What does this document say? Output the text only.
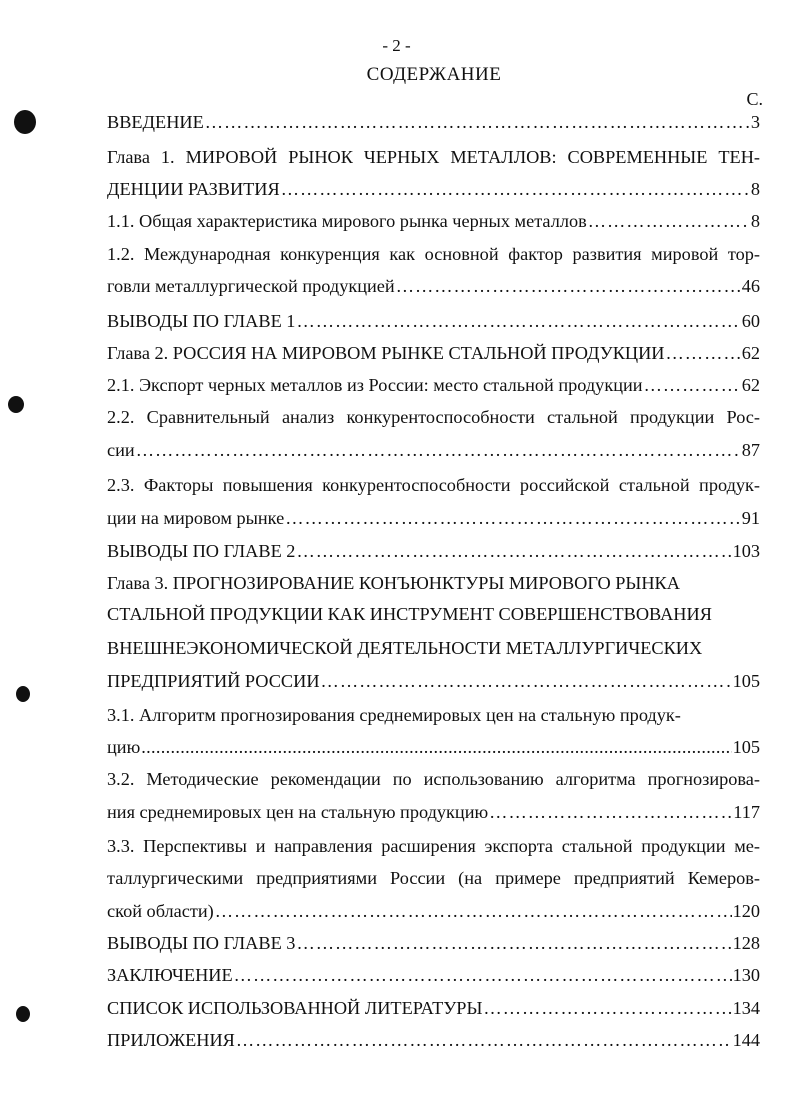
- 2 -
СОДЕРЖАНИЕ
С.
ВВЕДЕНИЕ …………………………………………………………………………………………………………………………………………………………	3
Глава 1. МИРОВОЙ РЫНОК ЧЕРНЫХ МЕТАЛЛОВ: СОВРЕМЕННЫЕ ТЕН-
ДЕНЦИИ РАЗВИТИЯ …………………………………………………………………………………………………………………………………………………………	8
1.1. Общая характеристика мирового рынка черных металлов …………………………………………………………………………………………………………………………………………………………	8
1.2. Международная конкуренция как основной фактор развития мировой тор-
говли металлургической продукцией …………………………………………………………………………………………………………………………………………………………	46
ВЫВОДЫ ПО ГЛАВЕ 1 …………………………………………………………………………………………………………………………………………………………	60
Глава 2. РОССИЯ НА МИРОВОМ РЫНКЕ СТАЛЬНОЙ ПРОДУКЦИИ …………………………………………………………………………………………………………………………………………………………	62
2.1. Экспорт черных металлов из России: место стальной продукции …………………………………………………………………………………………………………………………………………………………	62
2.2. Сравнительный анализ конкурентоспособности стальной продукции Рос-
сии …………………………………………………………………………………………………………………………………………………………	87
2.3. Факторы повышения конкурентоспособности российской стальной продук-
ции на мировом рынке …………………………………………………………………………………………………………………………………………………………	91
ВЫВОДЫ ПО ГЛАВЕ 2 …………………………………………………………………………………………………………………………………………………………	103
Глава 3. ПРОГНОЗИРОВАНИЕ КОНЪЮНКТУРЫ МИРОВОГО РЫНКА
СТАЛЬНОЙ ПРОДУКЦИИ КАК ИНСТРУМЕНТ СОВЕРШЕНСТВОВАНИЯ
ВНЕШНЕЭКОНОМИЧЕСКОЙ ДЕЯТЕЛЬНОСТИ МЕТАЛЛУРГИЧЕСКИХ
ПРЕДПРИЯТИЙ РОССИИ …………………………………………………………………………………………………………………………………………………………	105
3.1. Алгоритм прогнозирования среднемировых цен на стальную продук-
цию .....	105
3.2. Методические рекомендации по использованию алгоритма прогнозирова-
ния среднемировых цен на стальную продукцию …………………………………………………………………………………………………………………………………………………………	117
3.3. Перспективы и направления расширения экспорта стальной продукции ме-
таллургическими предприятиями России (на примере предприятий Кемеров-
ской области) …………………………………………………………………………………………………………………………………………………………	120
ВЫВОДЫ ПО ГЛАВЕ 3 …………………………………………………………………………………………………………………………………………………………	128
ЗАКЛЮЧЕНИЕ …………………………………………………………………………………………………………………………………………………………	130
СПИСОК ИСПОЛЬЗОВАННОЙ ЛИТЕРАТУРЫ …………………………………………………………………………………………………………………………………………………………	134
ПРИЛОЖЕНИЯ …………………………………………………………………………………………………………………………………………………………	144
